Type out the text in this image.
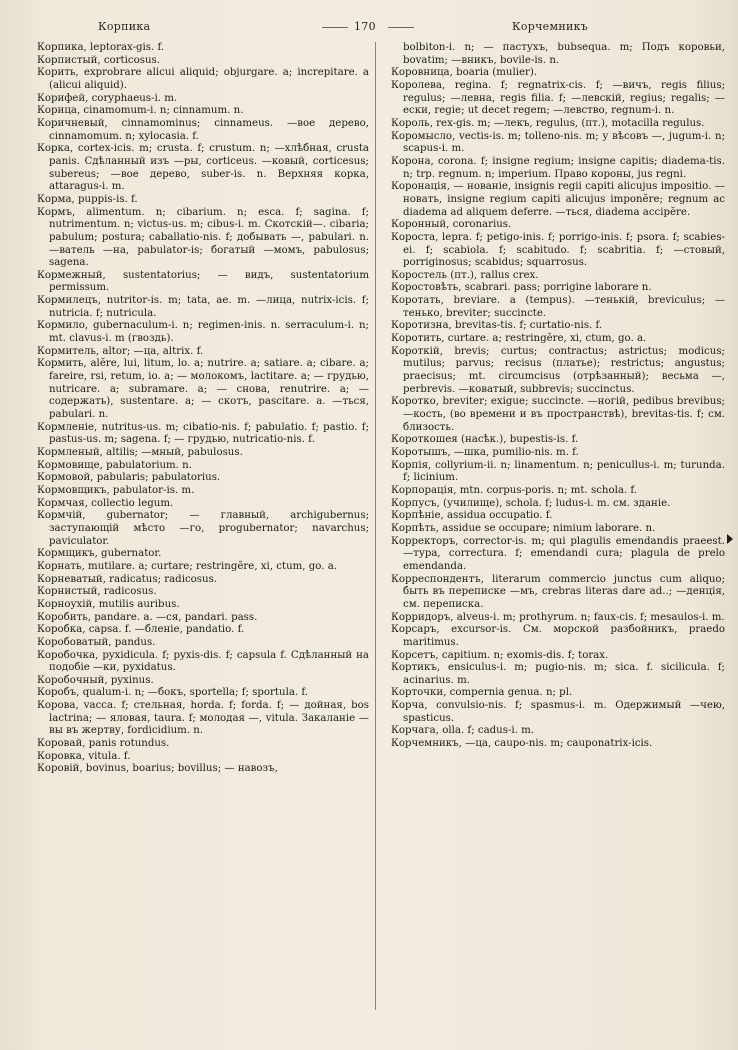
Корпика	170	Корчемникъ

Корпика, leptorax-gis. f.

Корпистый, corticosus.

Корить, exprobrare alicui aliquid; objurgare. a; increpitare. a (alicui aliquid).

Корифей, coryphaeus-i. m.

Корица, cinamomum-i. n; cinnamum. n.

Коричневый, cinnamominus; cinnameus. —вое дерево, cinnamomum. n; xylocasia. f.

Корка, cortex-icis. m; crusta. f; crustum. n; —хлѣбная, crusta panis. Сдѣланный изъ —ры, corticeus. —ковый, corticesus; subereus; —вое дерево, suber-is. n. Верхняя корка, attaragus-i. m.

Корма, puppis-is. f.

Кормъ, alimentum. n; cibarium. n; esca. f; sagina. f; nutrimentum. n; victus-us. m; cibus-i. m. Скотскій—. cibaria; pabulum; postura; caballatio-nis. f; добывать —, pabulari. n. —ватель —на, pabulator-is; богатый —момъ, pabulosus; sagena.

Кормежный, sustentatorius; — видъ, sustentatorium permissum.

Кормилецъ, nutritor-is. m; tata, ae. m. —лица, nutrix-icis. f; nutricia. f; nutricula.

Кормило, gubernaculum-i. n; regimen-inis. n. serraculum-i. n; mt. clavus-i. m (гвоздь).

Кормитель, altor; —ца, altrix. f.

Кормить, alĕre, lui, litum, lo. a; nutrire. a; satiare. a; cibare. a; fareire, rsi, retum, io. a; — молокомъ, lactitare. a; — грудью, nutricare. a; subramare. a; — снова, renutrire. a; —содержать), sustentare. a; — скотъ, pascitare. a. —ться, pabulari. n.

Кормленіе, nutritus-us. m; cibatio-nis. f; pabulatio. f; pastio. f; pastus-us. m; sagena. f; — грудью, nutricatio-nis. f.

Кормленый, altilis; —мный, pabulosus.

Кормовище, pabulatorium. n.

Кормовой, pabularis; pabulatorius.

Кормовщикъ, pabulator-is. m.

Кормчая, collectio legum.

Кормчій, gubernator; — главный, archigubernus; заступающій мѣсто —го, progubernator; navarchus; paviculator.

Кормщикъ, gubernator.

Корнать, mutilare. a; curtare; restringĕre, xi, ctum, go. a.

Корневатый, radicatus; radicosus.

Корнистый, radicosus.

Корноухій, mutilis auribus.

Коробить, pandare. a. —ся, pandari. pass.

Коробка, capsa. f. —бленіе, pandatio. f.

Коробоватый, pandus.

Коробочка, pyxidicula. f; pyxis-dis. f; capsula f. Сдѣланный на подобіе —ки, pyxidatus.

Коробочный, pyxinus.

Коробъ, qualum-i. n; —бокъ, sportella; f; sportula. f.

Корова, vacca. f; стельная, horda. f; forda. f; — дойная, bos lactrina; — яловая, taura. f; молодая —, vitula. Закаланіе —вы въ жертву, fordicidium. n.

Коровай, panis rotundus.

Коровка, vitula. f.

Коровій, bovinus, boarius; bovillus; — навозъ,

bolbiton-i. n; — пастухъ, bubsequa. m; Подъ коровьи, bovatim; —вникъ, bovile-is. n.

Коровница, boaria (mulier).

Королева, regina. f; regnatrix-cis. f; —вичъ, regis filius; regulus; —левна, regis filia. f; —левскій, regius; regalis; —ески, regie; ut decet regem; —левство, regnum-i. n.

Король, rex-gis. m; —лекъ, regulus, (пт.), motacilla regulus.

Коромысло, vectis-is. m; tolleno-nis. m; у вѣсовъ —, jugum-i. n; scapus-i. m.

Корона, corona. f; insigne regium; insigne capitis; diadema-tis. n; trp. regnum. n; imperium. Право короны, jus regni.

Коронація, — нованіе, insignis regii capiti alicujus impositio. — новать, insigne regium capiti alicujus imponĕre; regnum ac diadema ad aliquem deferre. —ться, diadema accipĕre.

Коронный, coronarius.

Короста, lepra. f; petigo-inis. f; porrigo-inis. f; psora. f; scabies-ei. f; scabiola. f; scabitudo. f; scabritia. f; —стовый, porriginosus; scabidus; squarrosus.

Коростель (пт.), rallus crex.

Коростовѣть, scabrari. pass; porrigine laborare n.

Коротать, breviare. a (tempus). —тенькій, breviculus; —тенько, breviter; succincte.

Коротизна, brevitas-tis. f; curtatio-nis. f.

Коротить, curtare. a; restringĕre, xi, ctum, go. a.

Короткій, brevis; curtus; contractus; astrictus; modicus; mutilus; parvus; recisus (платье); restrictus; angustus; praecisus; mt. circumcisus (отрѣзанный); весьма —, perbrevis. —коватый, subbrevis; succinctus.

Коротко, breviter; exigue; succincte. —ногій, pedibus brevibus; —кость, (во времени и въ пространствѣ), brevitas-tis. f; см. близость.

Короткошея (насѣк.), bupestis-is. f.

Коротышъ, —шка, pumilio-nis. m. f.

Корпія, collyrium-ii. n; linamentum. n; penicullus-i. m; turunda. f; licinium.

Корпорація, mtn. corpus-poris. n; mt. schola. f.

Корпусъ, (училище), schola. f; ludus-i. m. см. зданіе.

Корпѣніе, assidua occupatio. f.

Корпѣть, assidue se occupare; nimium laborare. n.

Корректоръ, corrector-is. m; qui plagulis emendandis praeest. —тура, correctura. f; emendandi cura; plagula de prelo emendanda.

Корреспондентъ, literarum commercio junctus cum aliquo; быть въ переписке —мъ, crebras literas dare ad..; —денція, см. переписка.

Корридоръ, alveus-i. m; prothyrum. n; faux-cis. f; mesaulos-i. m.

Корсаръ, excursor-is. См. морской разбойникъ, praedo maritimus.

Корсетъ, capitium. n; exomis-dis. f; torax.

Кортикъ, ensiculus-i. m; pugio-nis. m; sica. f. sicilicula. f; acinarius. m.

Корточки, compernia genua. n; pl.

Корча, convulsio-nis. f; spasmus-i. m. Одержимый —чею, spasticus.

Корчага, olla. f; cadus-i. m.

Корчемникъ, —ца, caupo-nis. m; cauponatrix-icis.
